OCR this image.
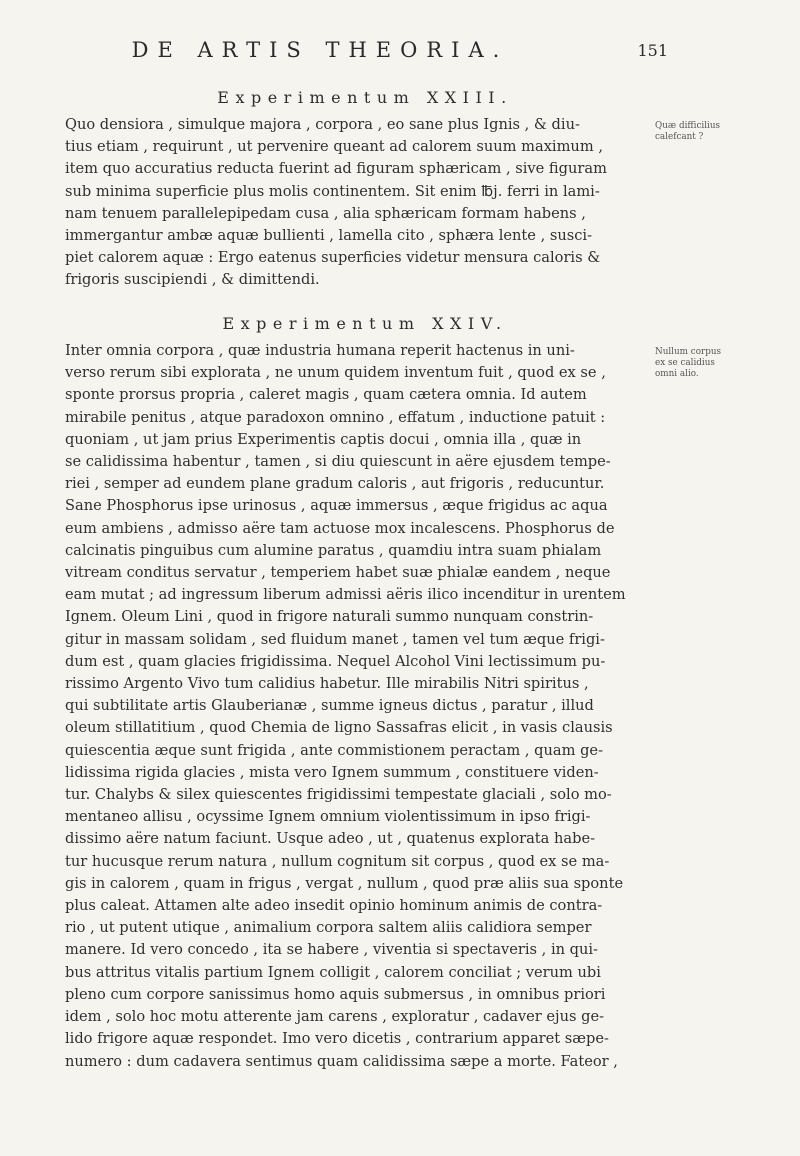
DE ARTIS THEORIA.	151
Experimentum XXIII.
Quo densiora , simulque majora , corpora , eo sane plus Ignis , & diu-
tius etiam , requirunt , ut pervenire queant ad calorem suum maximum ,
item quo accuratius reducta fuerint ad figuram sphæricam , sive figuram
sub minima superficie plus molis continentem. Sit enim ℔j. ferri in lami-
nam tenuem parallelepipedam cusa , alia sphæricam formam habens ,
immergantur ambæ aquæ bullienti , lamella cito , sphæra lente , susci-
piet calorem aquæ : Ergo eatenus superficies videtur mensura caloris &
frigoris suscipiendi , & dimittendi.
Quæ difficilius
calefcant ?
Experimentum XXIV.
Inter omnia corpora , quæ industria humana reperit hactenus in uni-
verso rerum sibi explorata , ne unum quidem inventum fuit , quod ex se ,
sponte prorsus propria , caleret magis , quam cætera omnia. Id autem
mirabile penitus , atque paradoxon omnino , effatum , inductione patuit :
quoniam , ut jam prius Experimentis captis docui , omnia illa , quæ in
se calidissima habentur , tamen , si diu quiescunt in aëre ejusdem tempe-
riei , semper ad eundem plane gradum caloris , aut frigoris , reducuntur.
Sane Phosphorus ipse urinosus , aquæ immersus , æque frigidus ac aqua
eum ambiens , admisso aëre tam actuose mox incalescens. Phosphorus de
calcinatis pinguibus cum alumine paratus , quamdiu intra suam phialam
vitream conditus servatur , temperiem habet suæ phialæ eandem , neque
eam mutat ; ad ingressum liberum admissi aëris ilico incenditur in urentem
Ignem. Oleum Lini , quod in frigore naturali summo nunquam constrin-
gitur in massam solidam , sed fluidum manet , tamen vel tum æque frigi-
dum est , quam glacies frigidissima. Nequel Alcohol Vini lectissimum pu-
rissimo Argento Vivo tum calidius habetur. Ille mirabilis Nitri spiritus ,
qui subtilitate artis Glauberianæ , summe igneus dictus , paratur , illud
oleum stillatitium , quod Chemia de ligno Sassafras elicit , in vasis clausis
quiescentia æque sunt frigida , ante commistionem peractam , quam ge-
lidissima rigida glacies , mista vero Ignem summum , constituere viden-
tur. Chalybs & silex quiescentes frigidissimi tempestate glaciali , solo mo-
mentaneo allisu , ocyssime Ignem omnium violentissimum in ipso frigi-
dissimo aëre natum faciunt. Usque adeo , ut , quatenus explorata habe-
tur hucusque rerum natura , nullum cognitum sit corpus , quod ex se ma-
gis in calorem , quam in frigus , vergat , nullum , quod præ aliis sua sponte
plus caleat. Attamen alte adeo insedit opinio hominum animis de contra-
rio , ut putent utique , animalium corpora saltem aliis calidiora semper
manere. Id vero concedo , ita se habere , viventia si spectaveris , in qui-
bus attritus vitalis partium Ignem colligit , calorem conciliat ; verum ubi
pleno cum corpore sanissimus homo aquis submersus , in omnibus priori
idem , solo hoc motu atterente jam carens , exploratur , cadaver ejus ge-
lido frigore aquæ respondet. Imo vero dicetis , contrarium apparet sæpe-
numero : dum cadavera sentimus quam calidissima sæpe a morte. Fateor ,
Nullum corpus
ex se calidius
omni alio.
